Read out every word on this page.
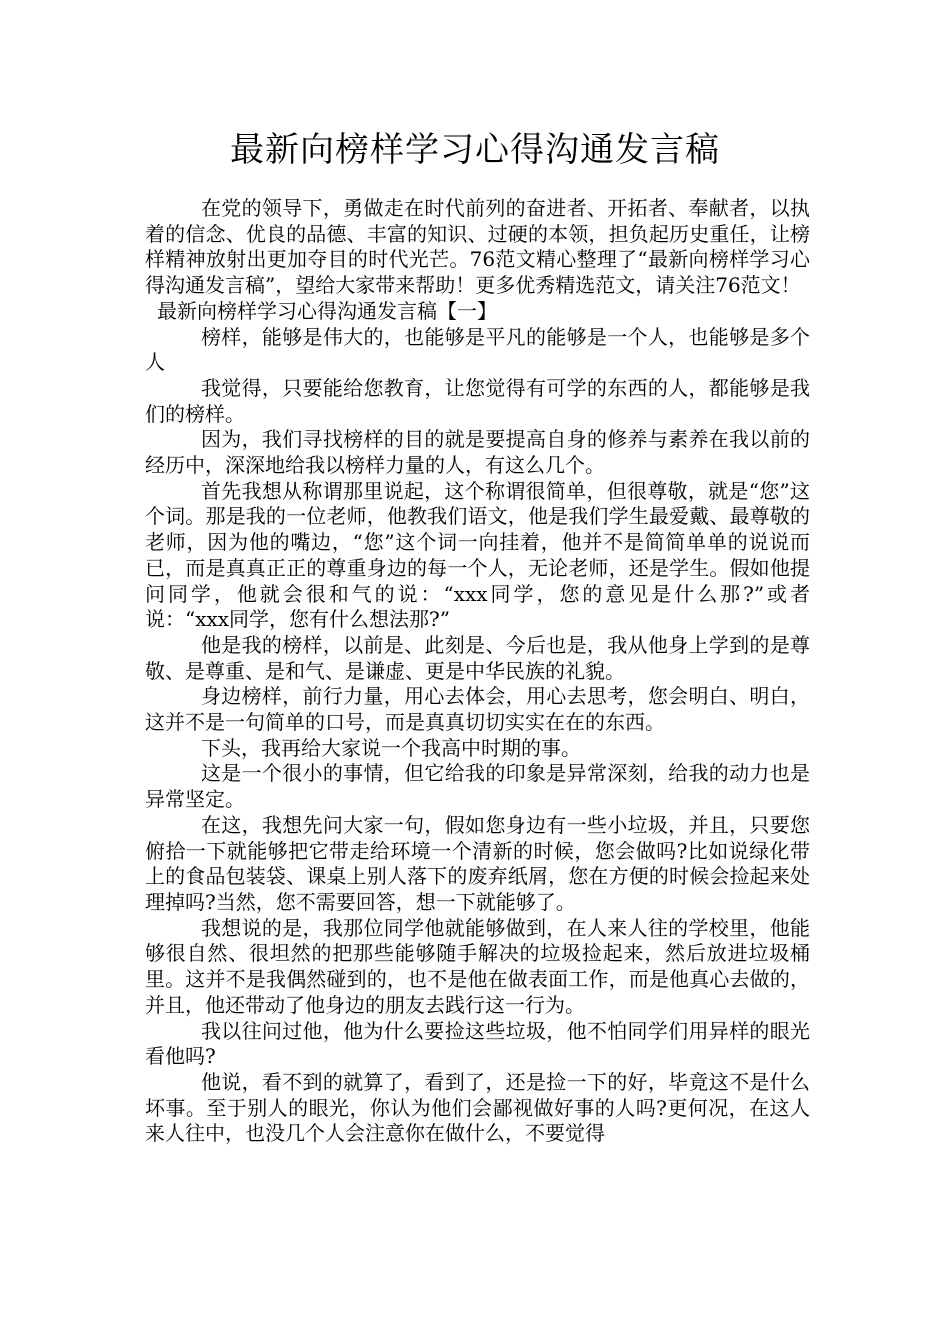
最新向榜样学习心得沟通发言稿

在党的领导下，勇做走在时代前列的奋进者、开拓者、奉献者，以执着的信念、优良的品德、丰富的知识、过硬的本领，担负起历史重任，让榜样精神放射出更加夺目的时代光芒。76范文精心整理了“最新向榜样学习心得沟通发言稿”，望给大家带来帮助！更多优秀精选范文，请关注76范文！

最新向榜样学习心得沟通发言稿【一】

榜样，能够是伟大的，也能够是平凡的能够是一个人，也能够是多个人

我觉得，只要能给您教育，让您觉得有可学的东西的人，都能够是我们的榜样。

因为，我们寻找榜样的目的就是要提高自身的修养与素养在我以前的经历中，深深地给我以榜样力量的人，有这么几个。

首先我想从称谓那里说起，这个称谓很简单，但很尊敬，就是“您”这个词。那是我的一位老师，他教我们语文，他是我们学生最爱戴、最尊敬的老师，因为他的嘴边，“您”这个词一向挂着，他并不是简简单单的说说而已，而是真真正正的尊重身边的每一个人，无论老师，还是学生。假如他提问同学，他就会很和气的说：“xxx同学，您的意见是什么那?”或者说：“xxx同学，您有什么想法那?”

他是我的榜样，以前是、此刻是、今后也是，我从他身上学到的是尊敬、是尊重、是和气、是谦虚、更是中华民族的礼貌。

身边榜样，前行力量，用心去体会，用心去思考，您会明白、明白，这并不是一句简单的口号，而是真真切切实实在在的东西。

下头，我再给大家说一个我高中时期的事。

这是一个很小的事情，但它给我的印象是异常深刻，给我的动力也是异常坚定。

在这，我想先问大家一句，假如您身边有一些小垃圾，并且，只要您俯拾一下就能够把它带走给环境一个清新的时候，您会做吗?比如说绿化带上的食品包装袋、课桌上别人落下的废弃纸屑，您在方便的时候会捡起来处理掉吗?当然，您不需要回答，想一下就能够了。

我想说的是，我那位同学他就能够做到，在人来人往的学校里，他能够很自然、很坦然的把那些能够随手解决的垃圾捡起来，然后放进垃圾桶里。这并不是我偶然碰到的，也不是他在做表面工作，而是他真心去做的，并且，他还带动了他身边的朋友去践行这一行为。

我以往问过他，他为什么要捡这些垃圾，他不怕同学们用异样的眼光看他吗?

他说，看不到的就算了，看到了，还是捡一下的好，毕竟这不是什么坏事。至于别人的眼光，你认为他们会鄙视做好事的人吗?更何况，在这人来人往中，也没几个人会注意你在做什么，不要觉得
